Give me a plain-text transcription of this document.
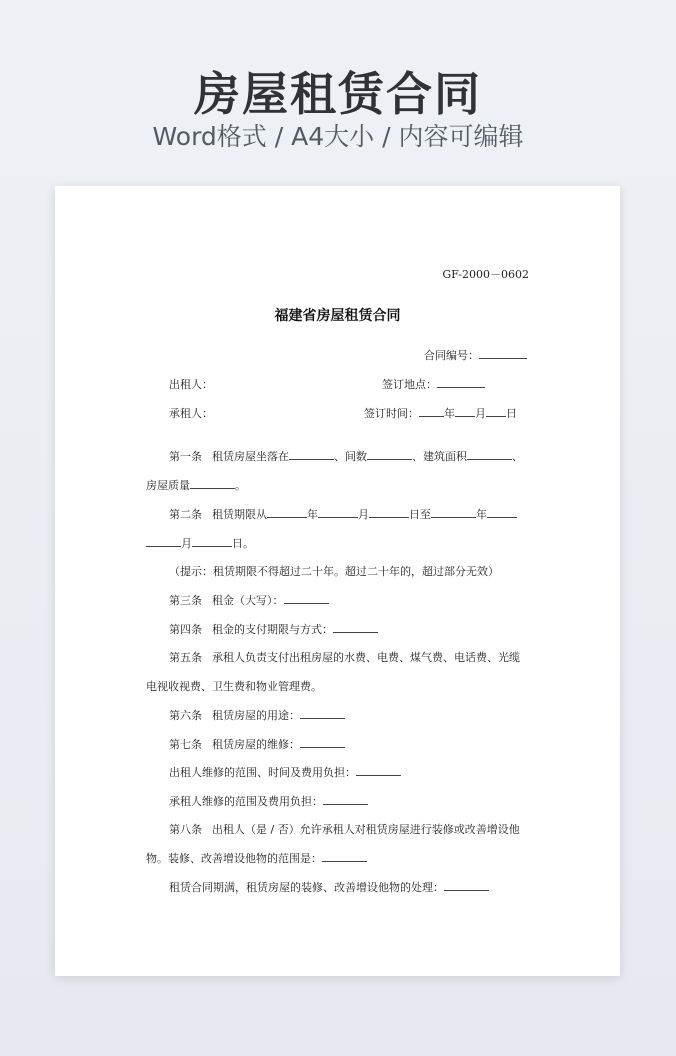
房屋租赁合同
Word格式 / A4大小 / 内容可编辑
GF-2000－0602
福建省房屋租赁合同
合同编号：
出租人：	签订地点：
承租人：	签订时间： 年 月 日
第一条 租赁房屋坐落在	、间数	、建筑面积	、
房屋质量	。
第二条 租赁期限从	年	月	日至	年
月	日。
（提示：租赁期限不得超过二十年。超过二十年的，超过部分无效）
第三条 租金（大写）：
第四条 租金的支付期限与方式：
第五条 承租人负责支付出租房屋的水费、电费、煤气费、电话费、光缆
电视收视费、卫生费和物业管理费。
第六条 租赁房屋的用途：
第七条 租赁房屋的维修：
出租人维修的范围、时间及费用负担：
承租人维修的范围及费用负担：
第八条 出租人（是 / 否）允许承租人对租赁房屋进行装修或改善增设他
物。装修、改善增设他物的范围是：
租赁合同期满，租赁房屋的装修、改善增设他物的处理：
